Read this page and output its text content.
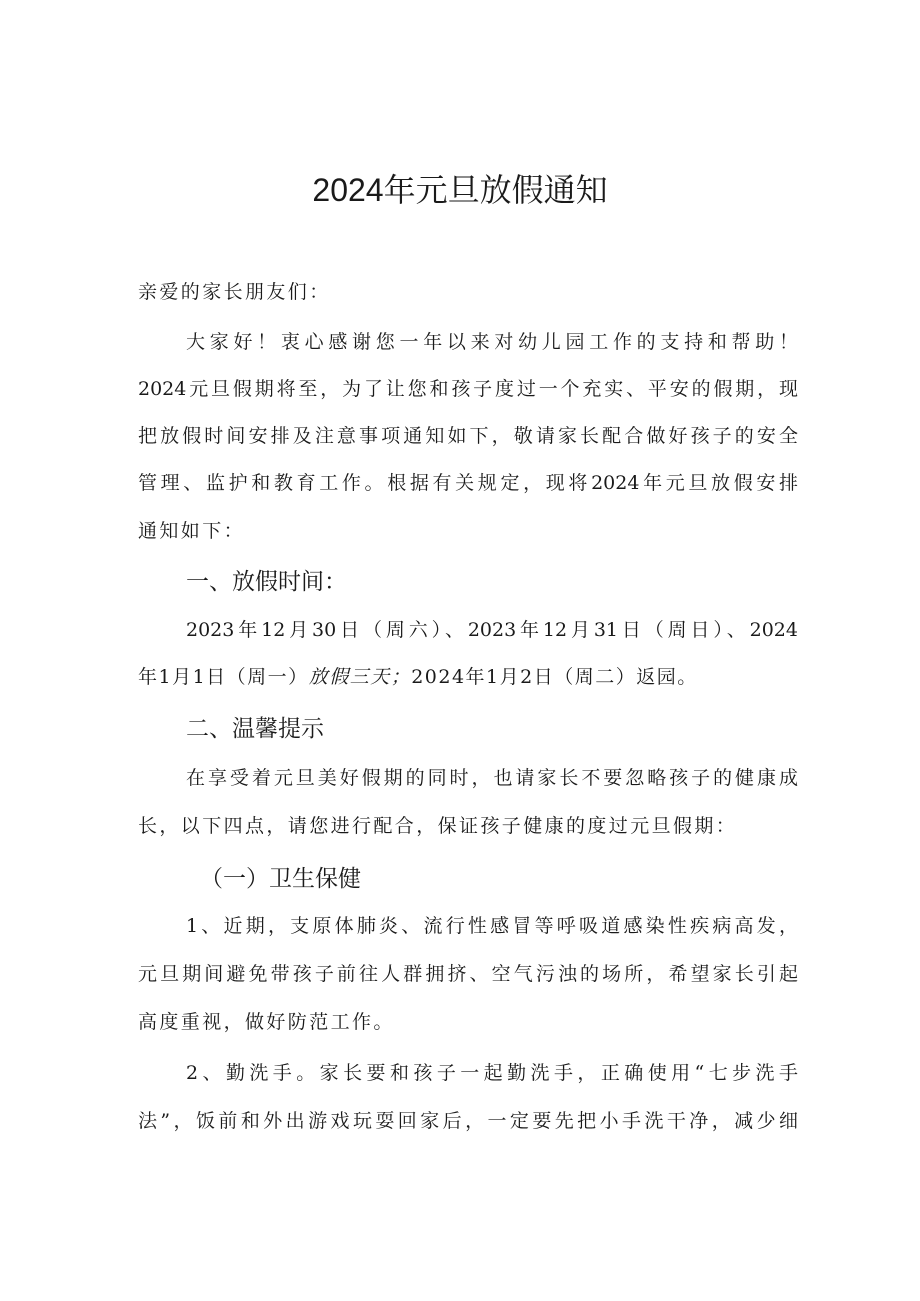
2024年元旦放假通知
亲爱的家长朋友们：
大家好！衷心感谢您一年以来对幼儿园工作的支持和帮助！
2024元旦假期将至，为了让您和孩子度过一个充实、平安的假期，现
把放假时间安排及注意事项通知如下，敬请家长配合做好孩子的安全
管理、监护和教育工作。根据有关规定，现将2024年元旦放假安排
通知如下：
一、放假时间：
2023年12月30日（周六）、2023年12月31日（周日）、2024
年1月1日（周一）放假三天；2024年1月2日（周二）返园。
二、温馨提示
在享受着元旦美好假期的同时，也请家长不要忽略孩子的健康成
长，以下四点，请您进行配合，保证孩子健康的度过元旦假期：
（一）卫生保健
1、近期，支原体肺炎、流行性感冒等呼吸道感染性疾病高发，
元旦期间避免带孩子前往人群拥挤、空气污浊的场所，希望家长引起
高度重视，做好防范工作。
2、勤洗手。家长要和孩子一起勤洗手，正确使用“七步洗手
法”，饭前和外出游戏玩耍回家后，一定要先把小手洗干净，减少细
